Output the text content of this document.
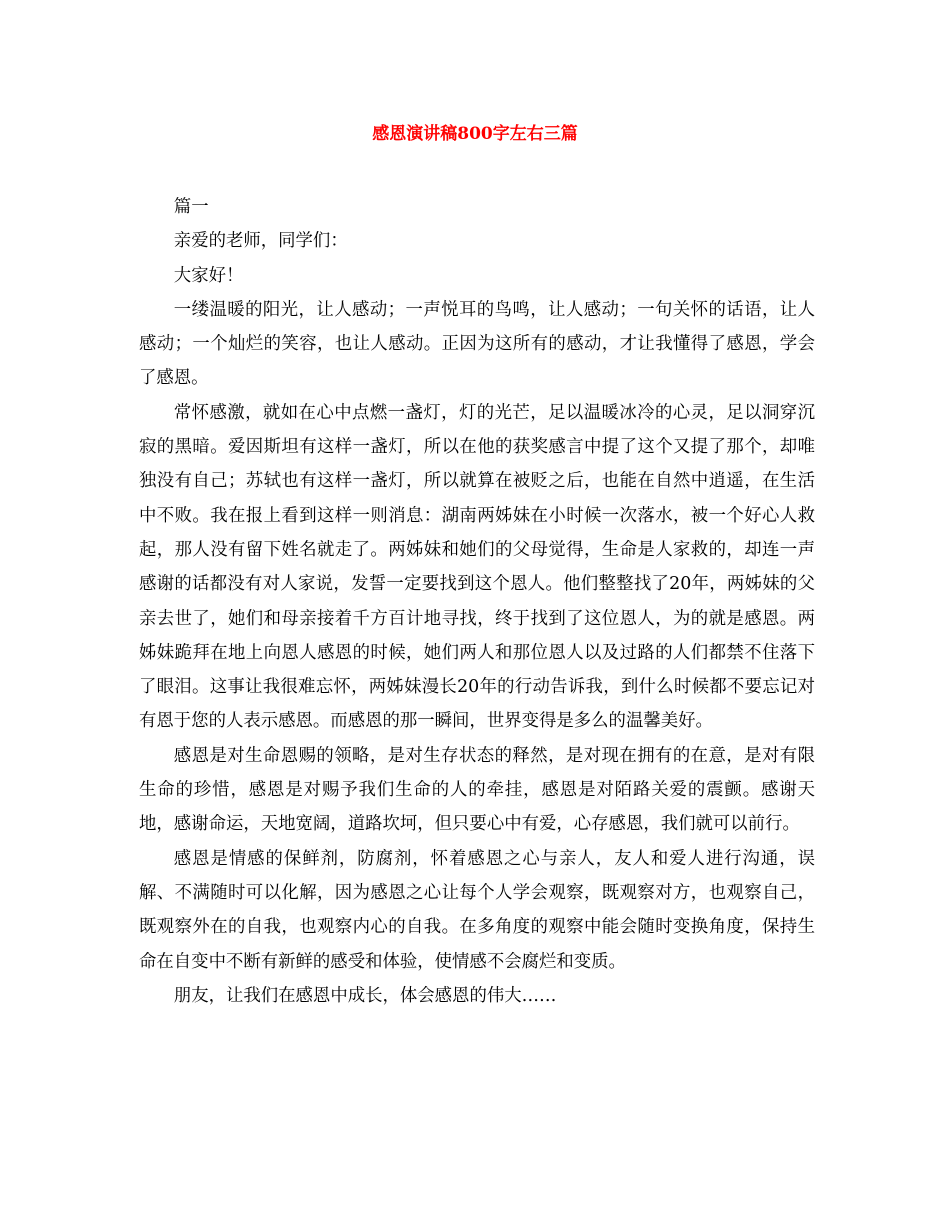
感恩演讲稿800字左右三篇

篇一

亲爱的老师，同学们：

大家好！

一缕温暖的阳光，让人感动；一声悦耳的鸟鸣，让人感动；一句关怀的话语，让人感动；一个灿烂的笑容，也让人感动。正因为这所有的感动，才让我懂得了感恩，学会了感恩。

常怀感激，就如在心中点燃一盏灯，灯的光芒，足以温暖冰冷的心灵，足以洞穿沉寂的黑暗。爱因斯坦有这样一盏灯，所以在他的获奖感言中提了这个又提了那个，却唯独没有自己；苏轼也有这样一盏灯，所以就算在被贬之后，也能在自然中逍遥，在生活中不败。我在报上看到这样一则消息：湖南两姊妹在小时候一次落水，被一个好心人救起，那人没有留下姓名就走了。两姊妹和她们的父母觉得，生命是人家救的，却连一声感谢的话都没有对人家说，发誓一定要找到这个恩人。他们整整找了20年，两姊妹的父亲去世了，她们和母亲接着千方百计地寻找，终于找到了这位恩人，为的就是感恩。两姊妹跪拜在地上向恩人感恩的时候，她们两人和那位恩人以及过路的人们都禁不住落下了眼泪。这事让我很难忘怀，两姊妹漫长20年的行动告诉我，到什么时候都不要忘记对有恩于您的人表示感恩。而感恩的那一瞬间，世界变得是多么的温馨美好。

感恩是对生命恩赐的领略，是对生存状态的释然，是对现在拥有的在意，是对有限生命的珍惜，感恩是对赐予我们生命的人的牵挂，感恩是对陌路关爱的震颤。感谢天地，感谢命运，天地宽阔，道路坎坷，但只要心中有爱，心存感恩，我们就可以前行。

感恩是情感的保鲜剂，防腐剂，怀着感恩之心与亲人，友人和爱人进行沟通，误解、不满随时可以化解，因为感恩之心让每个人学会观察，既观察对方，也观察自己，既观察外在的自我，也观察内心的自我。在多角度的观察中能会随时变换角度，保持生命在自变中不断有新鲜的感受和体验，使情感不会腐烂和变质。

朋友，让我们在感恩中成长，体会感恩的伟大……
